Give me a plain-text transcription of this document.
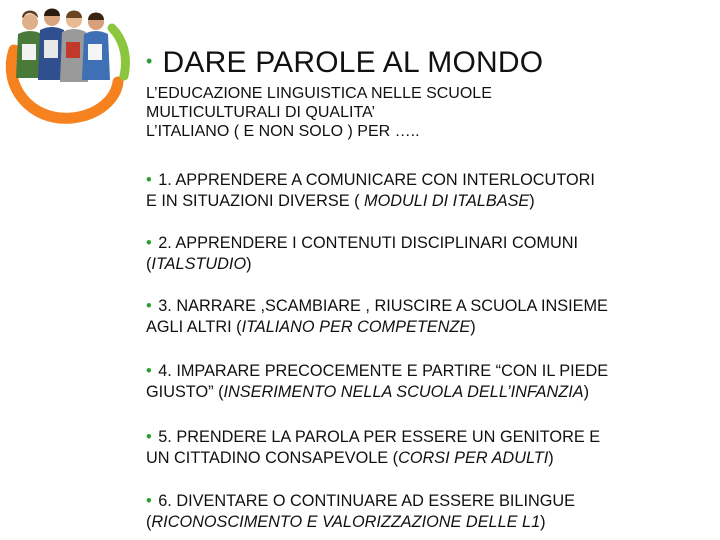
• DARE PAROLE AL MONDO
L’EDUCAZIONE LINGUISTICA NELLE SCUOLE
MULTICULTURALI DI QUALITA’
L’ITALIANO ( E NON SOLO ) PER …..
• 1. APPRENDERE A COMUNICARE CON INTERLOCUTORI
E IN SITUAZIONI DIVERSE ( MODULI DI ITALBASE)
• 2. APPRENDERE I CONTENUTI DISCIPLINARI COMUNI
(ITALSTUDIO)
• 3. NARRARE ,SCAMBIARE , RIUSCIRE A SCUOLA INSIEME
AGLI ALTRI (ITALIANO PER COMPETENZE)
• 4. IMPARARE PRECOCEMENTE E PARTIRE “CON IL PIEDE
GIUSTO” (INSERIMENTO NELLA SCUOLA DELL’INFANZIA)
• 5. PRENDERE LA PAROLA PER ESSERE UN GENITORE E
UN CITTADINO CONSAPEVOLE (CORSI PER ADULTI)
• 6. DIVENTARE O CONTINUARE AD ESSERE BILINGUE
(RICONOSCIMENTO E VALORIZZAZIONE DELLE L1)
